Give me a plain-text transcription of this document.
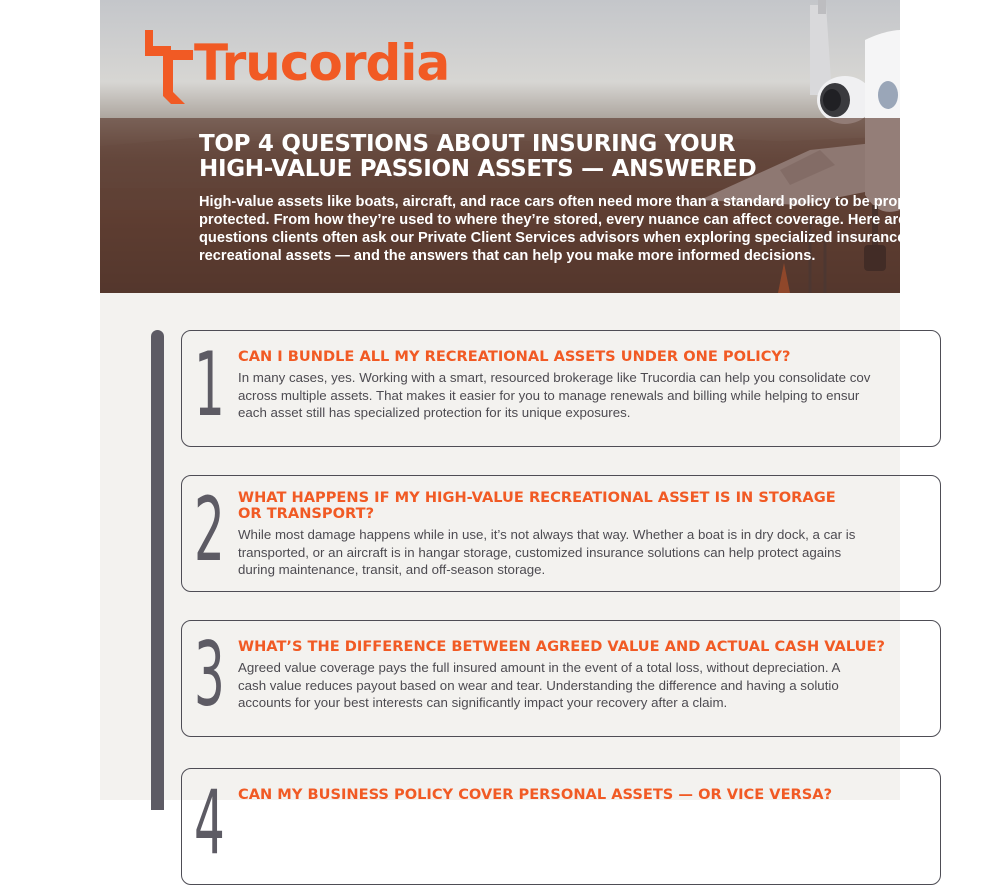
Trucordia
TOP 4 QUESTIONS ABOUT INSURING YOUR
HIGH-VALUE PASSION ASSETS — ANSWERED

High-value assets like boats, aircraft, and race cars often need more than a standard policy to be prop
protected. From how they’re used to where they’re stored, every nuance can affect coverage. Here are
questions clients often ask our Private Client Services advisors when exploring specialized insurance f
recreational assets — and the answers that can help you make more informed decisions.

1 CAN I BUNDLE ALL MY RECREATIONAL ASSETS UNDER ONE POLICY?

In many cases, yes. Working with a smart, resourced brokerage like Trucordia can help you consolidate cov
across multiple assets. That makes it easier for you to manage renewals and billing while helping to ensur
each asset still has specialized protection for its unique exposures.

2 WHAT HAPPENS IF MY HIGH-VALUE RECREATIONAL ASSET IS IN STORAGE
OR TRANSPORT?

While most damage happens while in use, it’s not always that way. Whether a boat is in dry dock, a car is
transported, or an aircraft is in hangar storage, customized insurance solutions can help protect agains
during maintenance, transit, and off-season storage.

3 WHAT’S THE DIFFERENCE BETWEEN AGREED VALUE AND ACTUAL CASH VALUE?

Agreed value coverage pays the full insured amount in the event of a total loss, without depreciation. A
cash value reduces payout based on wear and tear. Understanding the difference and having a solutio
accounts for your best interests can significantly impact your recovery after a claim.

4 CAN MY BUSINESS POLICY COVER PERSONAL ASSETS — OR VICE VERSA?
